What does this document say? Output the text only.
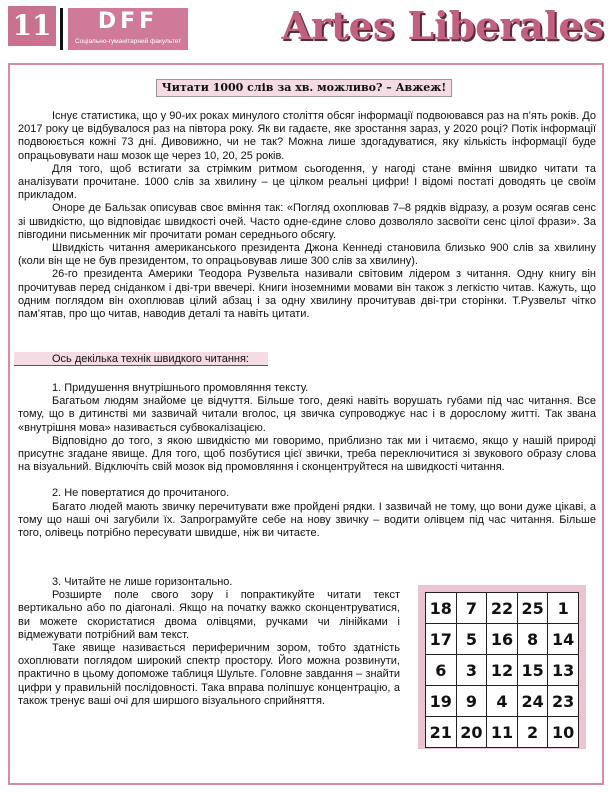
11	DFF
Соціально-гуманітарний факультет	Artes Liberales
Читати 1000 слів за хв. можливо? – Авжеж!

Існує статистика, що у 90-их роках минулого століття обсяг інформації подвоювався раз на п’ять років. До 2017 року це відбувалося раз на півтора року. Як ви гадаєте, яке зростання зараз, у 2020 році? Потік інформації подвоюється кожні 73 дні. Дивовижно, чи не так? Можна лише здогадуватися, яку кількість інформації буде опрацьовувати наш мозок ще через 10, 20, 25 років.

Для того, щоб встигати за стрімким ритмом сьогодення, у нагоді стане вміння швидко читати та аналізувати прочитане. 1000 слів за хвилину – це цілком реальні цифри! І відомі постаті доводять це своїм прикладом.

Оноре де Бальзак описував своє вміння так: «Погляд охоплював 7–8 рядків відразу, а розум осягав сенс зі швидкістю, що відповідає швидкості очей. Часто одне-єдине слово дозволяло засвоїти сенс цілої фрази». За півгодини письменник міг прочитати роман середнього обсягу.

Швидкість читання американського президента Джона Кеннеді становила близько 900 слів за хвилину (коли він ще не був президентом, то опрацьовував лише 300 слів за хвилину).

26-го президента Америки Теодора Рузвельта називали світовим лідером з читання. Одну книгу він прочитував перед сніданком і дві-три ввечері. Книги іноземними мовами він також з легкістю читав. Кажуть, що одним поглядом він охоплював цілий абзац і за одну хвилину прочитував дві-три сторінки. Т.Рузвельт чітко пам’ятав, про що читав, наводив деталі та навіть цитати.

Ось декілька технік швидкого читання:

1. Придушення внутрішнього промовляння тексту.

Багатьом людям знайоме це відчуття. Більше того, деякі навіть ворушать губами під час читання. Все тому, що в дитинстві ми зазвичай читали вголос, ця звичка супроводжує нас і в дорослому житті. Так звана «внутрішня мова» називається субвокалізацією.

Відповідно до того, з якою швидкістю ми говоримо, приблизно так ми і читаємо, якщо у нашій природі присутнє згадане явище. Для того, щоб позбутися цієї звички, треба переключитися зі звукового образу слова на візуальний. Відключіть свій мозок від промовляння і сконцентруйтеся на швидкості читання.

2. Не повертатися до прочитаного.

Багато людей мають звичку перечитувати вже пройдені рядки. І зазвичай не тому, що вони дуже цікаві, а тому що наші очі загубили їх. Запрограмуйте себе на нову звичку – водити олівцем під час читання. Більше того, олівець потрібно пересувати швидше, ніж ви читаєте.

3. Читайте не лише горизонтально.

Розширте поле свого зору і попрактикуйте читати текст вертикально або по діагоналі. Якщо на початку важко сконцентруватися, ви можете скористатися двома олівцями, ручками чи лінійками і відмежувати потрібний вам текст.

Таке явище називається периферичним зором, тобто здатність охоплювати поглядом широкий спектр простору. Його можна розвинути, практично в цьому допоможе таблиця Шульте. Головне завдання – знайти цифри у правильній послідовності. Така вправа поліпшує концентрацію, а також тренує ваші очі для ширшого візуального сприйняття.

18	7	22	25	1
17	5	16	8	14
6	3	12	15	13
19	9	4	24	23
21	20	11	2	10
